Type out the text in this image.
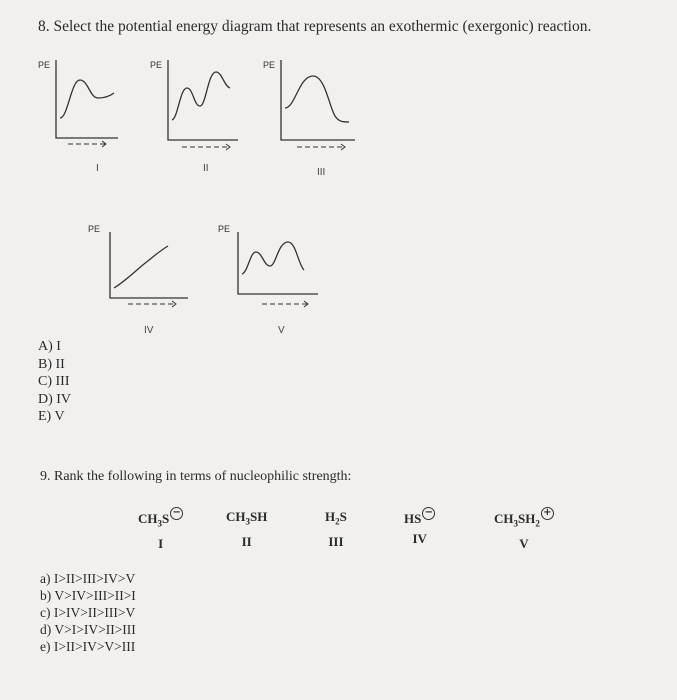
8. Select the potential energy diagram that represents an exothermic (exergonic) reaction.
PE
I
PE
II
PE
III
PE
IV
PE
V
A) I
B) II
C) III
D) IV
E) V
9. Rank the following in terms of nucleophilic strength:
$CH_3S$ −
I
$CH_3SH$
II
$H_2S$
III
HS −
IV
$CH_3SH_2+$
V
a) I>II>III>IV>V
b) V>IV>III>II>I
c) I>IV>II>III>V
d) V>I>IV>II>III
e) I>II>IV>V>III
